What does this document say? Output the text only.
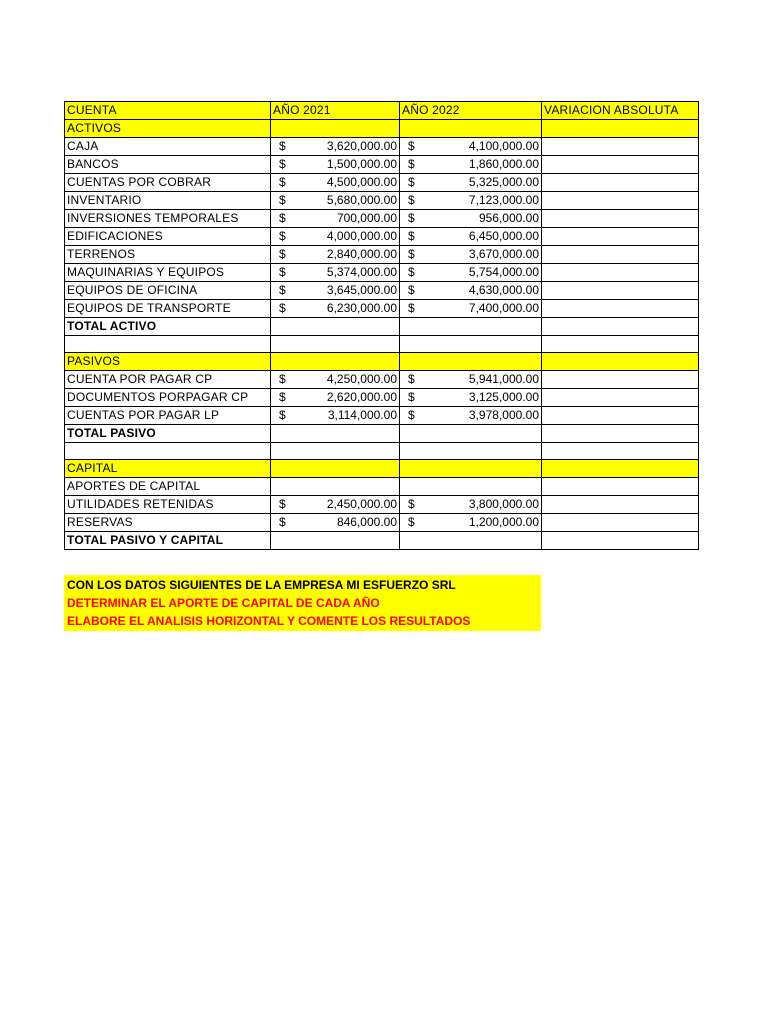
CUENTA	AÑO 2021	AÑO 2022	VARIACION ABSOLUTA
ACTIVOS			
CAJA	$ 3,620,000.00	$ 4,100,000.00	

BANCOS	$ 1,500,000.00	$ 1,860,000.00	

CUENTAS POR COBRAR	$ 4,500,000.00	$ 5,325,000.00	

INVENTARIO	$ 5,680,000.00	$ 7,123,000.00	

INVERSIONES TEMPORALES	$ 700,000.00	$ 956,000.00	

EDIFICACIONES	$ 4,000,000.00	$ 6,450,000.00	

TERRENOS	$ 2,840,000.00	$ 3,670,000.00	

MAQUINARIAS Y EQUIPOS	$ 5,374,000.00	$ 5,754,000.00	

EQUIPOS DE OFICINA	$ 3,645,000.00	$ 4,630,000.00	

EQUIPOS DE TRANSPORTE	$ 6,230,000.00	$ 7,400,000.00	

TOTAL ACTIVO			

PASIVOS			
CUENTA POR PAGAR CP	$ 4,250,000.00	$ 5,941,000.00	

DOCUMENTOS PORPAGAR CP	$ 2,620,000.00	$ 3,125,000.00	

CUENTAS POR PAGAR LP	$ 3,114,000.00	$ 3,978,000.00	

TOTAL PASIVO			

CAPITAL			
APORTES DE CAPITAL			
UTILIDADES RETENIDAS	$ 2,450,000.00	$ 3,800,000.00	

RESERVAS	$ 846,000.00	$ 1,200,000.00	

TOTAL PASIVO Y CAPITAL			
CON LOS DATOS SIGUIENTES DE LA EMPRESA MI ESFUERZO SRL
DETERMINAR EL APORTE DE CAPITAL DE CADA AÑO
ELABORE EL ANALISIS HORIZONTAL Y COMENTE LOS RESULTADOS
